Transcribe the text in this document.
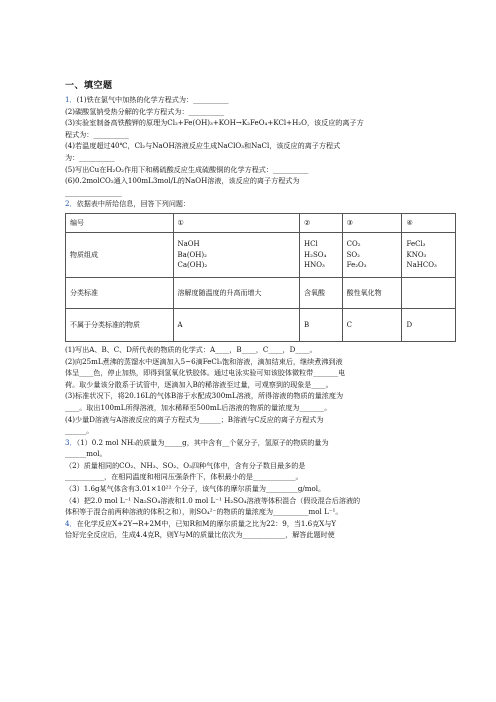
一、填空题
1．(1)铁在氯气中加热的化学方程式为：__________
(2)碳酸氢钠受热分解的化学方程式为：__________
(3)实验室制备高铁酸钾的原理为Cl₂+Fe(OH)₃+KOH→K₂FeO₄+KCl+H₂O，该反应的离子方
程式为：__________
(4)若温度超过40℃，Cl₂与NaOH溶液反应生成NaClO₃和NaCl，该反应的离子方程式
为：__________
(5)写出Cu在H₂O₂作用下和稀硫酸反应生成硫酸铜的化学方程式：__________
(6)0.2molCO₂通入100mL3mol/L的NaOH溶液，该反应的离子方程式为
________________
2．依据表中所给信息，回答下列问题：
编号	①	②	③	④
物质组成	NaOH
Ba(OH)₂
Ca(OH)₂	HCl
H₂SO₄
HNO₃	CO₂
SO₂
Fe₂O₃	FeCl₃
KNO₃
NaHCO₃

分类标准	溶解度随温度的升高而增大	含氧酸	酸性氧化物	
不属于分类标准的物质	A	B	C	D
(1)写出A、B、C、D所代表的物质的化学式：A____，B____，C____，D____。
(2)向25mL煮沸的蒸馏水中逐滴加入5~6滴FeCl₃饱和溶液，滴加结束后，继续煮沸到液
体呈____色，停止加热，即得到氢氧化铁胶体。通过电泳实验可知该胶体微粒带_______电
荷。取少量该分散系于试管中，逐滴加入B的稀溶液至过量，可观察到的现象是____。
(3)标准状况下，将20.16L的气体B溶于水配成300mL溶液，所得溶液的物质的量浓度为
____。取出100mL所得溶液，加水稀释至500mL后溶液的物质的量浓度为_______。
(4)少量D溶液与A溶液反应的离子方程式为______；B溶液与C反应的离子方程式为
______。
3．（1）0.2 mol NH₃的质量为_____g，其中含有__个氨分子，氢原子的物质的量为
______mol。
（2）质量相同的CO₂、NH₃、SO₂、O₃四种气体中，含有分子数目最多的是
___________，在相同温度和相同压强条件下，体积最小的是____________。
（3）1.6g某气体含有3.01×10²² 个分子，该气体的摩尔质量为_________g/mol。
（4）把2.0 mol L⁻¹ Na₂SO₄溶液和1.0 mol L⁻¹ H₂SO₄溶液等体积混合（假设混合后溶液的
体积等于混合前两种溶液的体积之和），则SO₄²⁻的物质的量浓度为__________mol L⁻¹。
4．在化学反应X+2Y→R+2M中，已知R和M的摩尔质量之比为22：9，当1.6克X与Y
恰好完全反应后，生成4.4克R，则Y与M的质量比依次为____________，解答此题时使
